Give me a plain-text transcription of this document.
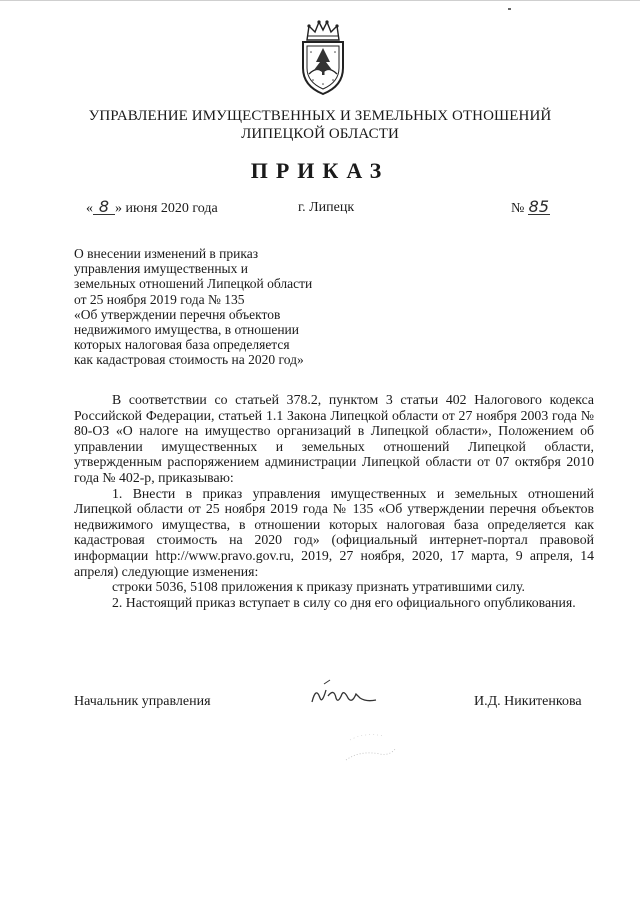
УПРАВЛЕНИЕ ИМУЩЕСТВЕННЫХ И ЗЕМЕЛЬНЫХ ОТНОШЕНИЙ
ЛИПЕЦКОЙ ОБЛАСТИ
ПРИКАЗ
« 8 » июня 2020 года	г. Липецк	№ 85
О внесении изменений в приказ
управления имущественных и
земельных отношений Липецкой области
от 25 ноября 2019 года № 135
«Об утверждении перечня объектов
недвижимого имущества, в отношении
которых налоговая база определяется
как кадастровая стоимость на 2020 год»

В соответствии со статьей 378.2, пунктом 3 статьи 402 Налогового кодекса Российской Федерации, статьей 1.1 Закона Липецкой области от 27 ноября 2003 года № 80-ОЗ «О налоге на имущество организаций в Липецкой области», Положением об управлении имущественных и земельных отношений Липецкой области, утвержденным распоряжением администрации Липецкой области от 07 октября 2010 года № 402-р, приказываю:

1. Внести в приказ управления имущественных и земельных отношений Липецкой области от 25 ноября 2019 года № 135 «Об утверждении перечня объектов недвижимого имущества, в отношении которых налоговая база определяется как кадастровая стоимость на 2020 год» (официальный интернет-портал правовой информации http://www.pravo.gov.ru, 2019, 27 ноября, 2020, 17 марта, 9 апреля, 14 апреля) следующие изменения:

строки 5036, 5108 приложения к приказу признать утратившими силу.

2. Настоящий приказ вступает в силу со дня его официального опубликования.

Начальник управления	И.Д. Никитенкова
